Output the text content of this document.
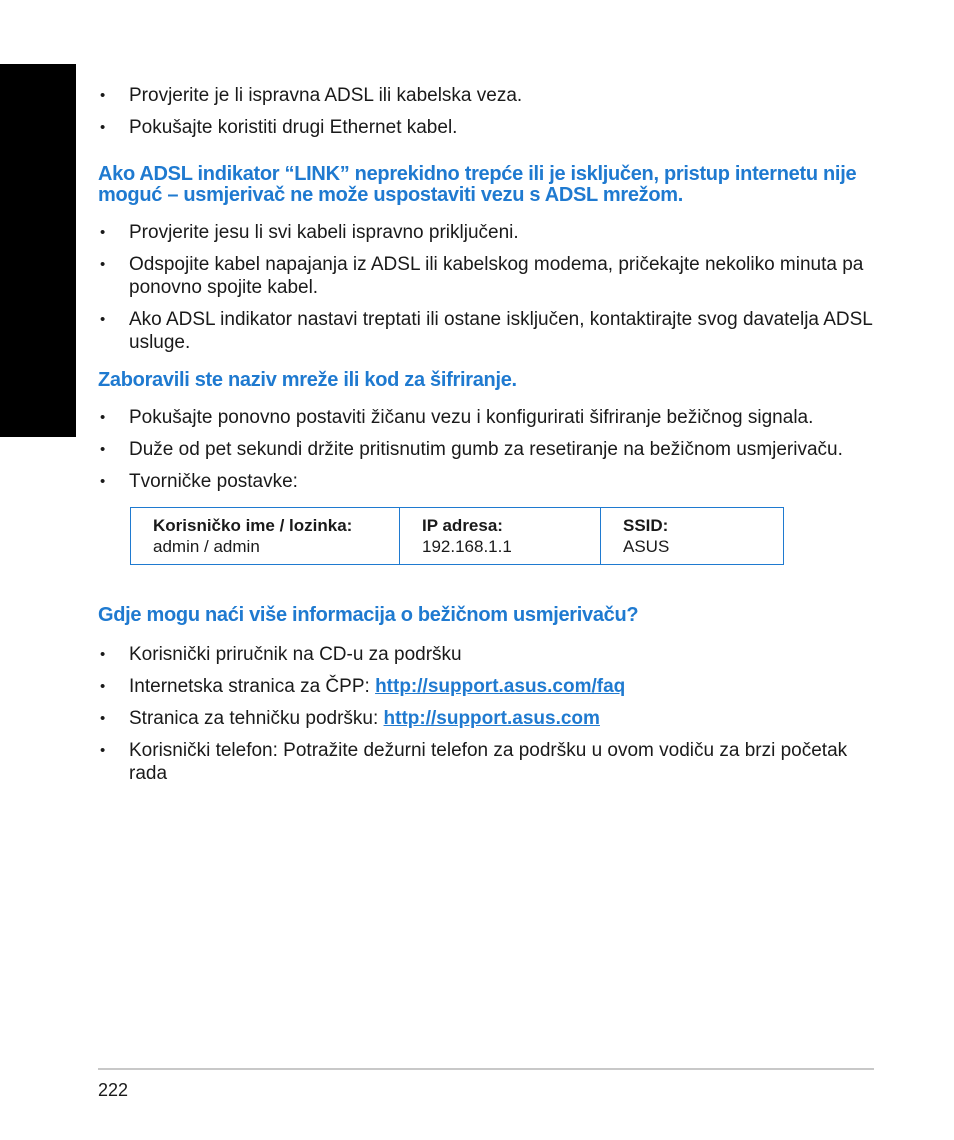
• Provjerite je li ispravna ADSL ili kabelska veza.
• Pokušajte koristiti drugi Ethernet kabel.
Ako ADSL indikator “LINK” neprekidno trepće ili je isključen, pristup internetu nije moguć – usmjerivač ne može uspostaviti vezu s ADSL mrežom.
• Provjerite jesu li svi kabeli ispravno priključeni.
• Odspojite kabel napajanja iz ADSL ili kabelskog modema, pričekajte nekoliko minuta pa ponovno spojite kabel.
• Ako ADSL indikator nastavi treptati ili ostane isključen, kontaktirajte svog davatelja ADSL usluge.
Zaboravili ste naziv mreže ili kod za šifriranje.
• Pokušajte ponovno postaviti žičanu vezu i konfigurirati šifriranje bežičnog signala.
• Duže od pet sekundi držite pritisnutim gumb za resetiranje na bežičnom usmjerivaču.
• Tvorničke postavke:
Korisničko ime / lozinka:
admin / admin	
IP adresa:
192.168.1.1	
SSID:
ASUS
Gdje mogu naći više informacija o bežičnom usmjerivaču?
• Korisnički priručnik na CD-u za podršku
• Internetska stranica za ČPP: http://support.asus.com/faq
• Stranica za tehničku podršku: http://support.asus.com
• Korisnički telefon: Potražite dežurni telefon za podršku u ovom vodiču za brzi početak rada
222
